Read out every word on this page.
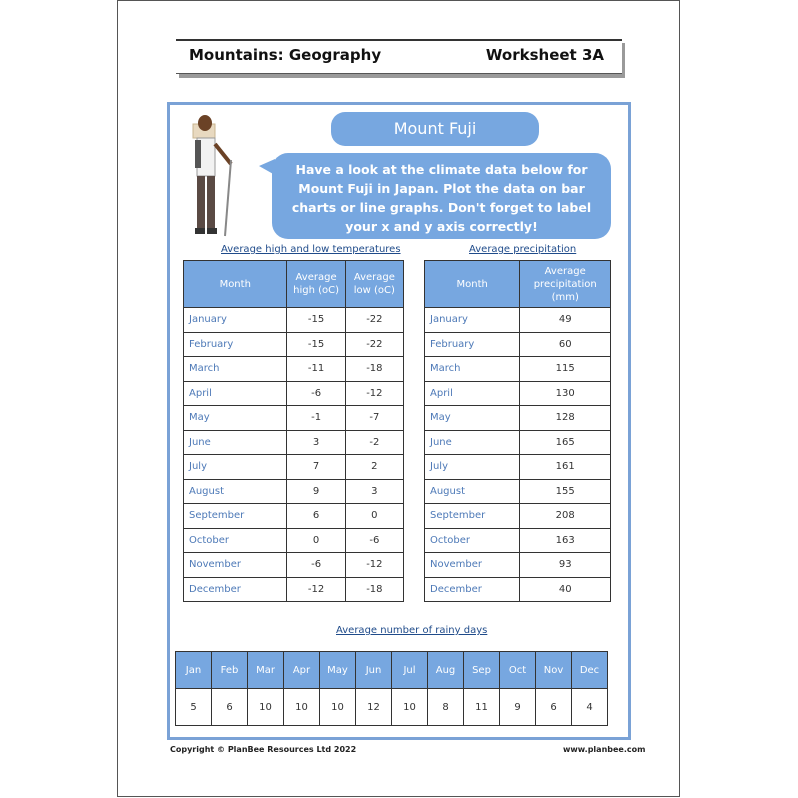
Mountains: Geography	Worksheet 3A
Mount Fuji
Have a look at the climate data below for Mount Fuji in Japan. Plot the data on bar charts or line graphs. Don't forget to label your x and y axis correctly!
Average high and low temperatures	Average precipitation
Month	Average high (oC)	Average low (oC)
January	-15	-22
February	-15	-22
March	-11	-18
April	-6	-12
May	-1	-7
June	3	-2
July	7	2
August	9	3
September	6	0
October	0	-6
November	-6	-12
December	-12	-18
Month	Average precipitation (mm)
January	49
February	60
March	115
April	130
May	128
June	165
July	161
August	155
September	208
October	163
November	93
December	40
Average number of rainy days
Jan	Feb	Mar	Apr	May	Jun	Jul	Aug	Sep	Oct	Nov	Dec
5	6	10	10	10	12	10	8	11	9	6	4
Copyright © PlanBee Resources Ltd 2022	www.planbee.com
